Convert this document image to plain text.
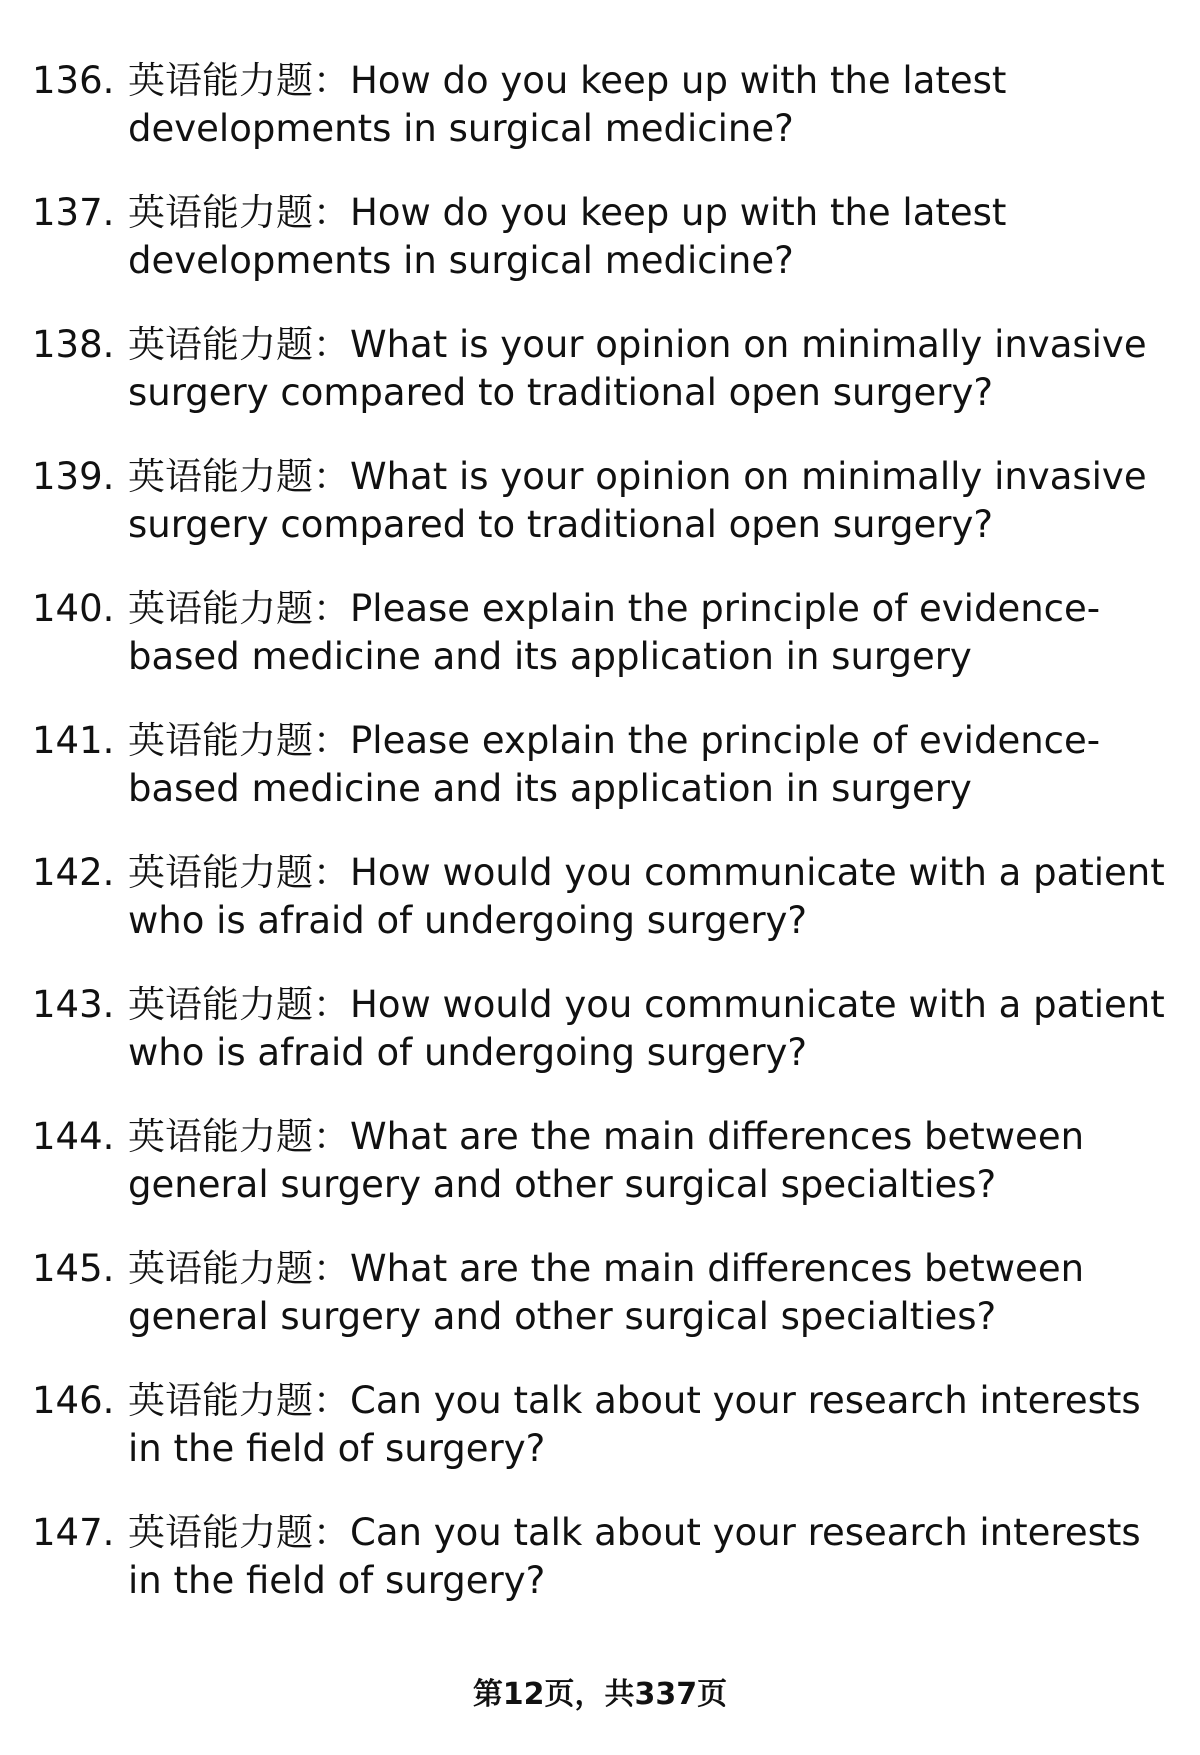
136. 英语能力题：How do you keep up with the latest developments in surgical medicine?
137. 英语能力题：How do you keep up with the latest developments in surgical medicine?
138. 英语能力题：What is your opinion on minimally invasive surgery compared to traditional open surgery?
139. 英语能力题：What is your opinion on minimally invasive surgery compared to traditional open surgery?
140. 英语能力题：Please explain the principle of evidence-based medicine and its application in surgery
141. 英语能力题：Please explain the principle of evidence-based medicine and its application in surgery
142. 英语能力题：How would you communicate with a patient who is afraid of undergoing surgery?
143. 英语能力题：How would you communicate with a patient who is afraid of undergoing surgery?
144. 英语能力题：What are the main differences between general surgery and other surgical specialties?
145. 英语能力题：What are the main differences between general surgery and other surgical specialties?
146. 英语能力题：Can you talk about your research interests in the field of surgery?
147. 英语能力题：Can you talk about your research interests in the field of surgery?
第12页，共337页
